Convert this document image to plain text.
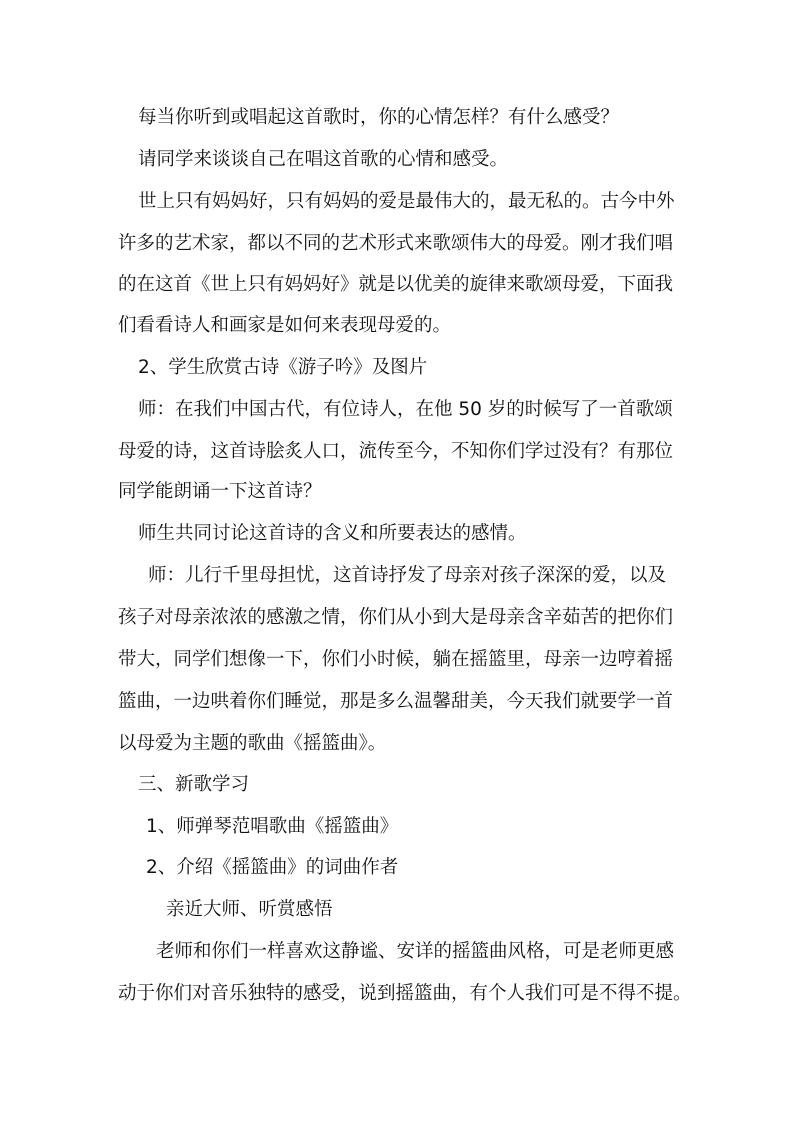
每当你听到或唱起这首歌时，你的心情怎样？有什么感受？
请同学来谈谈自己在唱这首歌的心情和感受。
世上只有妈妈好，只有妈妈的爱是最伟大的，最无私的。古今中外
许多的艺术家，都以不同的艺术形式来歌颂伟大的母爱。刚才我们唱
的在这首《世上只有妈妈好》就是以优美的旋律来歌颂母爱，下面我
们看看诗人和画家是如何来表现母爱的。
2、学生欣赏古诗《游子吟》及图片
师：在我们中国古代，有位诗人，在他 50 岁的时候写了一首歌颂
母爱的诗，这首诗脍炙人口，流传至今，不知你们学过没有？有那位
同学能朗诵一下这首诗？
师生共同讨论这首诗的含义和所要表达的感情。
师：儿行千里母担忧，这首诗抒发了母亲对孩子深深的爱，以及
孩子对母亲浓浓的感激之情，你们从小到大是母亲含辛茹苦的把你们
带大，同学们想像一下，你们小时候，躺在摇篮里，母亲一边哼着摇
篮曲，一边哄着你们睡觉，那是多么温馨甜美，今天我们就要学一首
以母爱为主题的歌曲《摇篮曲》。
三、新歌学习
1、师弹琴范唱歌曲《摇篮曲》
2、介绍《摇篮曲》的词曲作者
亲近大师、听赏感悟
老师和你们一样喜欢这静谧、安详的摇篮曲风格，可是老师更感
动于你们对音乐独特的感受，说到摇篮曲，有个人我们可是不得不提。
